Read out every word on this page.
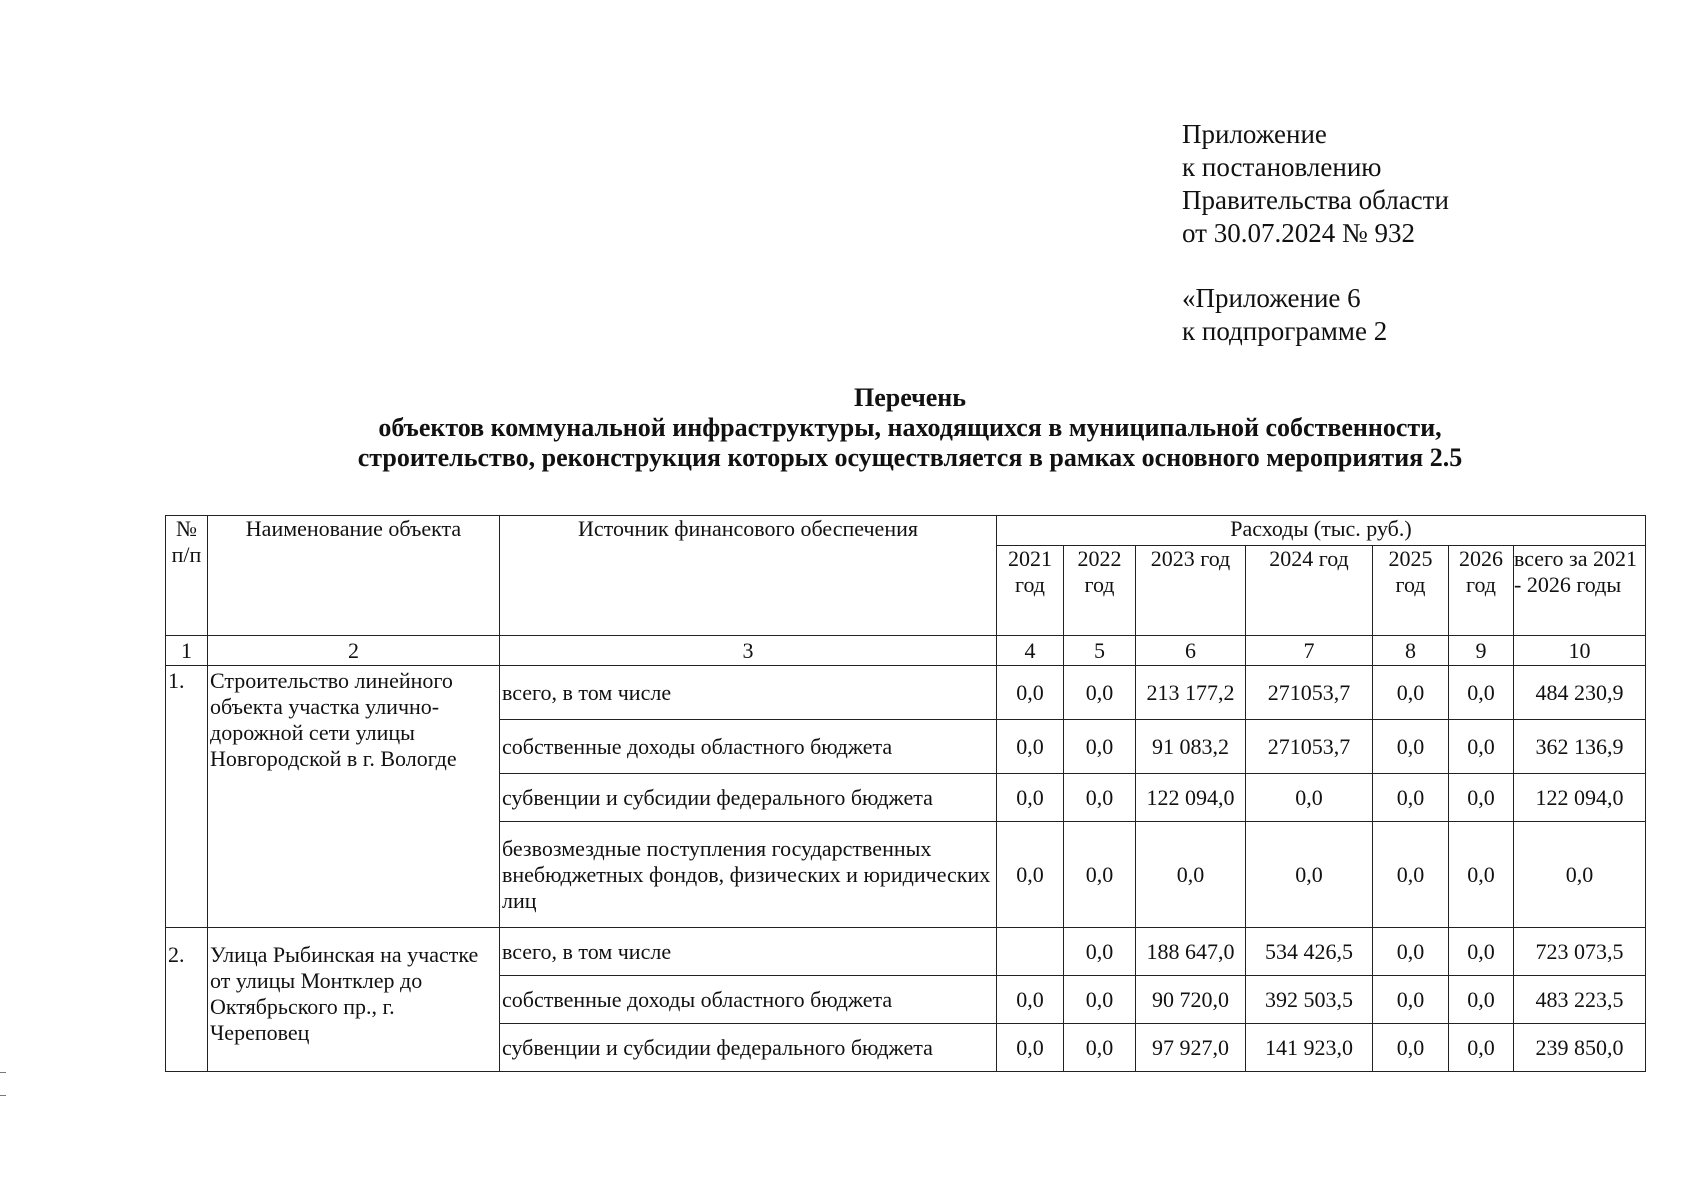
Приложение
к постановлению
Правительства области
от 30.07.2024 № 932
«Приложение 6
к подпрограмме 2
Перечень
объектов коммунальной инфраструктуры, находящихся в муниципальной собственности,
строительство, реконструкция которых осуществляется в рамках основного мероприятия 2.5
№ п/п	Наименование объекта	Источник финансового обеспечения	Расходы (тыс. руб.)						
			2021 год	2022 год	2023 год	2024 год	2025 год	2026 год	всего за 2021 - 2026 годы
1	2	3	4	5	6	7	8	9	10
1.	Строительство линейного объекта участка улично-дорожной сети улицы Новгородской в г. Вологде	всего, в том числе	0,0	0,0	213 177,2	271053,7	0,0	0,0	484 230,9
		собственные доходы областного бюджета	0,0	0,0	91 083,2	271053,7	0,0	0,0	362 136,9
		субвенции и субсидии федерального бюджета	0,0	0,0	122 094,0	0,0	0,0	0,0	122 094,0
		безвозмездные поступления государственных внебюджетных фондов, физических и юридических лиц	0,0	0,0	0,0	0,0	0,0	0,0	0,0
2.	Улица Рыбинская на участке от улицы Монтклер до Октябрьского пр., г. Череповец	всего, в том числе		0,0	188 647,0	534 426,5	0,0	0,0	723 073,5
		собственные доходы областного бюджета	0,0	0,0	90 720,0	392 503,5	0,0	0,0	483 223,5
		субвенции и субсидии федерального бюджета	0,0	0,0	97 927,0	141 923,0	0,0	0,0	239 850,0
